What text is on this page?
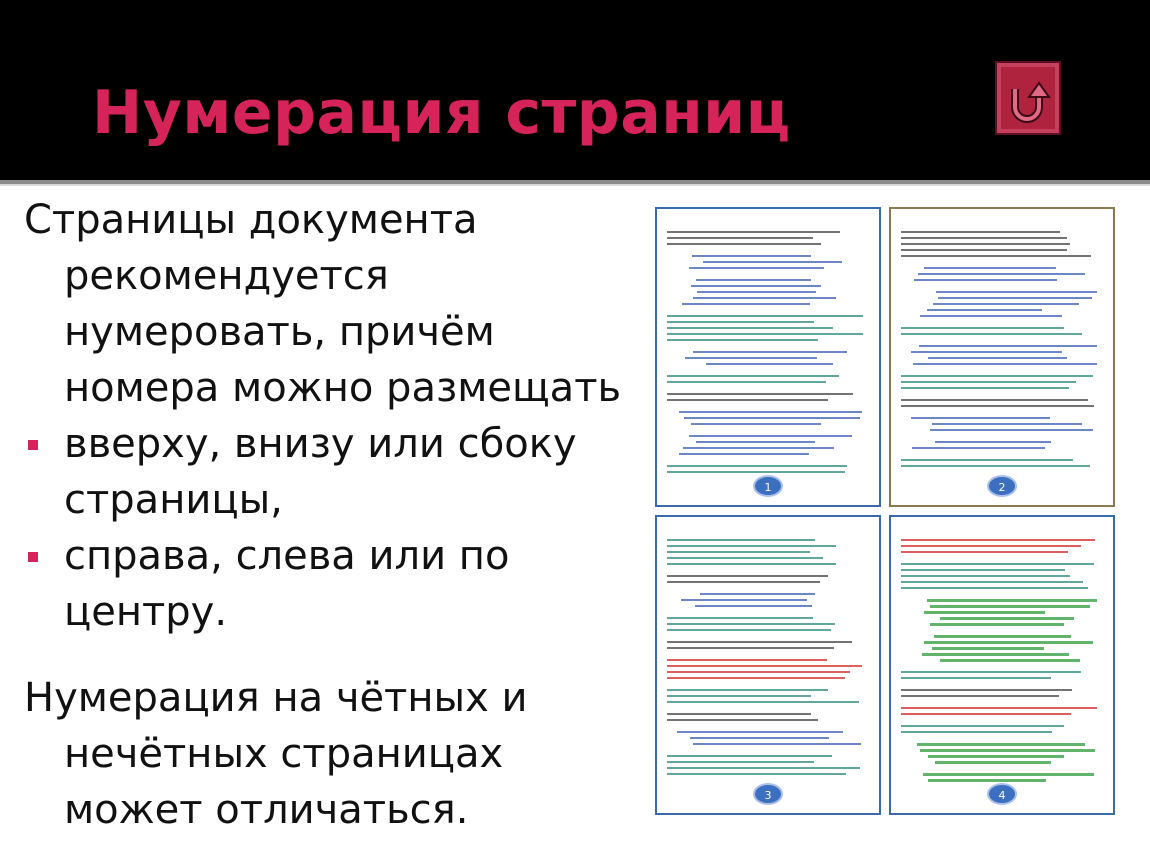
Нумерация страниц
Страницы документа
рекомендуется
нумеровать, причём
номера можно размещать
вверху, внизу или сбоку
страницы,
справа, слева или по
центру.
Нумерация на чётных и
нечётных страницах
может отличаться.
1	2
3	4
